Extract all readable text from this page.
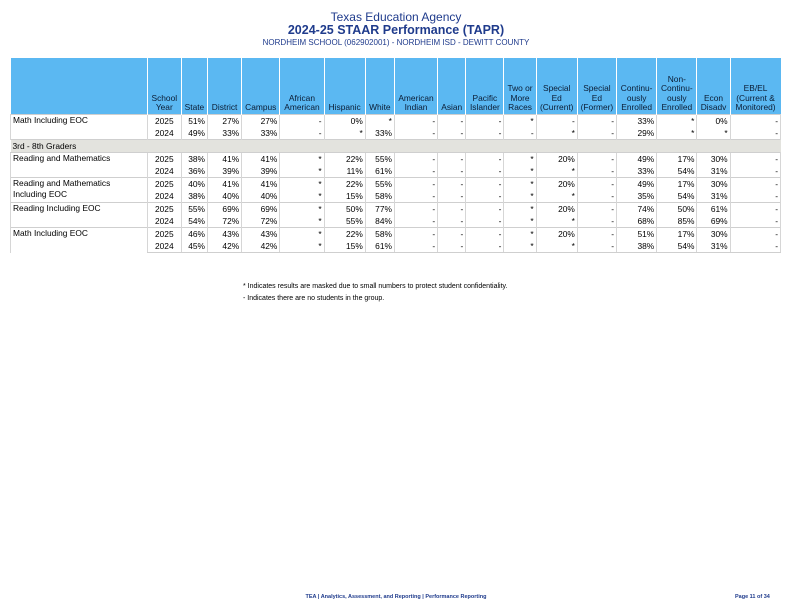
Texas Education Agency
2024-25 STAAR Performance (TAPR)
NORDHEIM SCHOOL (062902001) - NORDHEIM ISD - DEWITT COUNTY
	School Year	State	District	Campus	African American	Hispanic	White	American Indian	Asian	Pacific Islander	Two or More Races	Special Ed (Current)	Special Ed (Former)	Continu- ously Enrolled	Non- Continu- ously Enrolled	Econ Disadv	EB/EL (Current & Monitored)
Math Including EOC	2025	51%	27%	27%	-	0%	*	-	-	-	*	-	-	33%	*	0%	-
	2024	49%	33%	33%	-	*	33%	-	-	-	-	*	-	29%	*	*	-
3rd - 8th Graders																	
Reading and Mathematics	2025	38%	41%	41%	*	22%	55%	-	-	-	*	20%	-	49%	17%	30%	-
	2024	36%	39%	39%	*	11%	61%	-	-	-	*	*	-	33%	54%	31%	-
Reading and Mathematics Including EOC	2025	40%	41%	41%	*	22%	55%	-	-	-	*	20%	-	49%	17%	30%	-
	2024	38%	40%	40%	*	15%	58%	-	-	-	*	*	-	35%	54%	31%	-
Reading Including EOC	2025	55%	69%	69%	*	50%	77%	-	-	-	*	20%	-	74%	50%	61%	-
	2024	54%	72%	72%	*	55%	84%	-	-	-	*	*	-	68%	85%	69%	-
Math Including EOC	2025	46%	43%	43%	*	22%	58%	-	-	-	*	20%	-	51%	17%	30%	-
	2024	45%	42%	42%	*	15%	61%	-	-	-	*	*	-	38%	54%	31%	-
* Indicates results are masked due to small numbers to protect student confidentiality.
- Indicates there are no students in the group.
TEA | Analytics, Assessment, and Reporting | Performance Reporting	Page 11 of 34
